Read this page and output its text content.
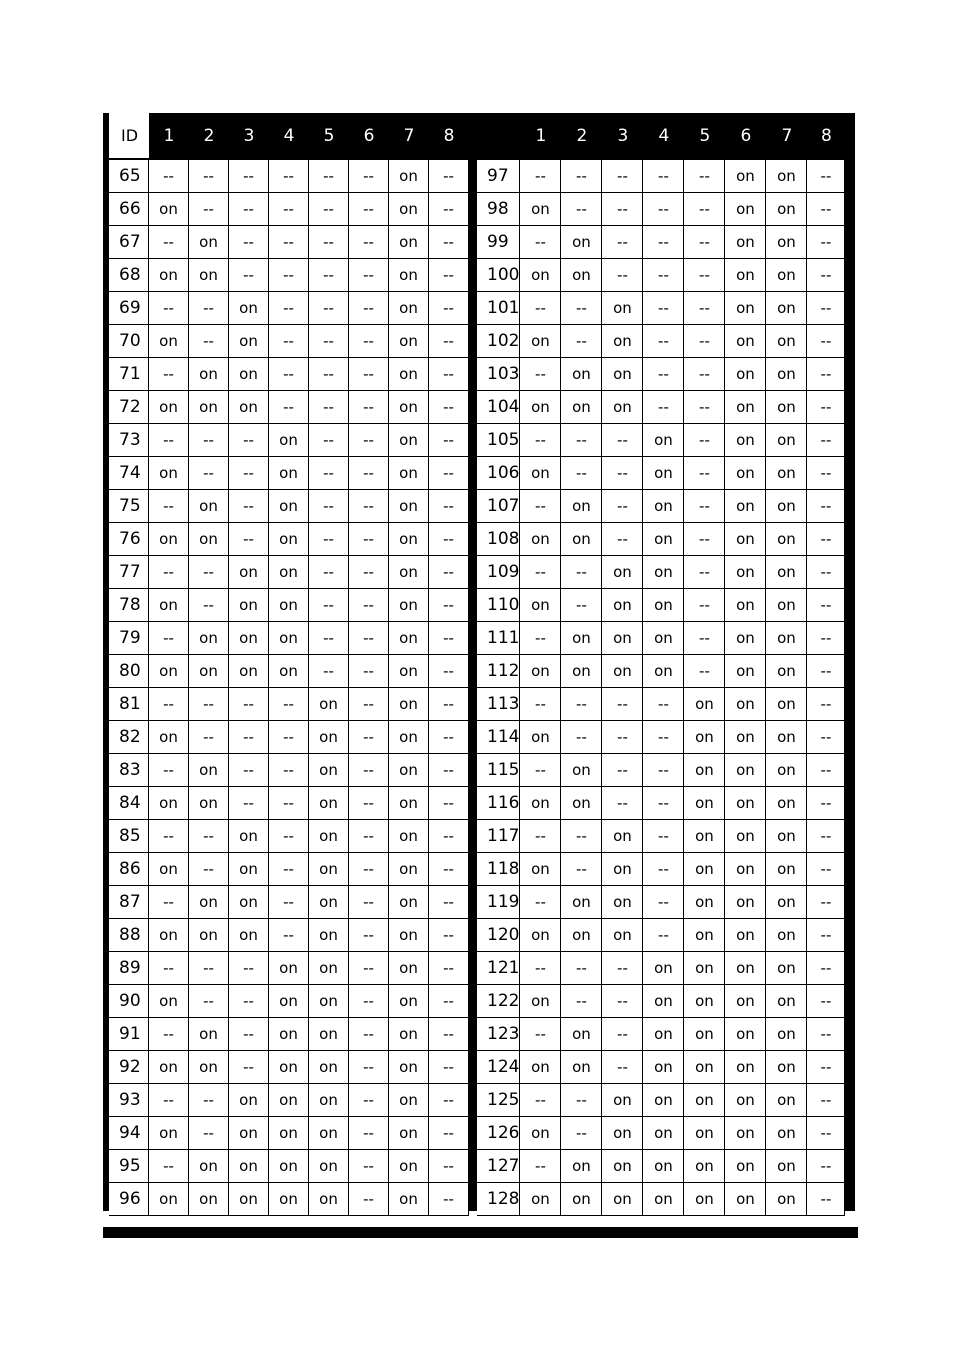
ID	1	2	3	4	5	6	7	8
65	--	--	--	--	--	--	on	--
66	on	--	--	--	--	--	on	--
67	--	on	--	--	--	--	on	--
68	on	on	--	--	--	--	on	--
69	--	--	on	--	--	--	on	--
70	on	--	on	--	--	--	on	--
71	--	on	on	--	--	--	on	--
72	on	on	on	--	--	--	on	--
73	--	--	--	on	--	--	on	--
74	on	--	--	on	--	--	on	--
75	--	on	--	on	--	--	on	--
76	on	on	--	on	--	--	on	--
77	--	--	on	on	--	--	on	--
78	on	--	on	on	--	--	on	--
79	--	on	on	on	--	--	on	--
80	on	on	on	on	--	--	on	--
81	--	--	--	--	on	--	on	--
82	on	--	--	--	on	--	on	--
83	--	on	--	--	on	--	on	--
84	on	on	--	--	on	--	on	--
85	--	--	on	--	on	--	on	--
86	on	--	on	--	on	--	on	--
87	--	on	on	--	on	--	on	--
88	on	on	on	--	on	--	on	--
89	--	--	--	on	on	--	on	--
90	on	--	--	on	on	--	on	--
91	--	on	--	on	on	--	on	--
92	on	on	--	on	on	--	on	--
93	--	--	on	on	on	--	on	--
94	on	--	on	on	on	--	on	--
95	--	on	on	on	on	--	on	--
96	on	on	on	on	on	--	on	--
	1	2	3	4	5	6	7	8
97	--	--	--	--	--	on	on	--
98	on	--	--	--	--	on	on	--
99	--	on	--	--	--	on	on	--
100	on	on	--	--	--	on	on	--
101	--	--	on	--	--	on	on	--
102	on	--	on	--	--	on	on	--
103	--	on	on	--	--	on	on	--
104	on	on	on	--	--	on	on	--
105	--	--	--	on	--	on	on	--
106	on	--	--	on	--	on	on	--
107	--	on	--	on	--	on	on	--
108	on	on	--	on	--	on	on	--
109	--	--	on	on	--	on	on	--
110	on	--	on	on	--	on	on	--
111	--	on	on	on	--	on	on	--
112	on	on	on	on	--	on	on	--
113	--	--	--	--	on	on	on	--
114	on	--	--	--	on	on	on	--
115	--	on	--	--	on	on	on	--
116	on	on	--	--	on	on	on	--
117	--	--	on	--	on	on	on	--
118	on	--	on	--	on	on	on	--
119	--	on	on	--	on	on	on	--
120	on	on	on	--	on	on	on	--
121	--	--	--	on	on	on	on	--
122	on	--	--	on	on	on	on	--
123	--	on	--	on	on	on	on	--
124	on	on	--	on	on	on	on	--
125	--	--	on	on	on	on	on	--
126	on	--	on	on	on	on	on	--
127	--	on	on	on	on	on	on	--
128	on	on	on	on	on	on	on	--
